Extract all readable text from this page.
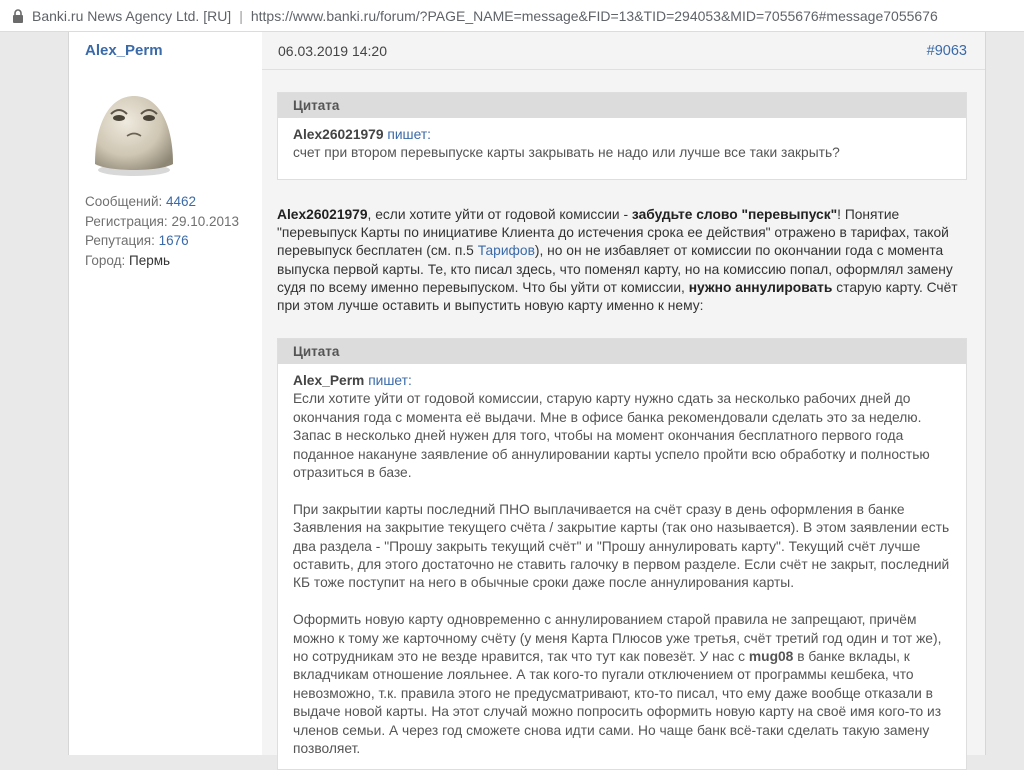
Banki.ru News Agency Ltd. [RU] | https://www.banki.ru/forum/?PAGE_NAME=message&FID=13&TID=294053&MID=7055676#message7055676
Alex_Perm
Сообщений: 4462
Регистрация: 29.10.2013
Репутация: 1676
Город: Пермь
06.03.2019 14:20	#9063
Цитата
Alex26021979 пишет:
счет при втором перевыпуске карты закрывать не надо или лучше все таки закрыть?
Alex26021979, если хотите уйти от годовой комиссии - забудьте слово "перевыпуск"! Понятие "перевыпуск Карты по инициативе Клиента до истечения срока ее действия" отражено в тарифах, такой перевыпуск бесплатен (см. п.5 Тарифов), но он не избавляет от комиссии по окончании года с момента выпуска первой карты. Те, кто писал здесь, что поменял карту, но на комиссию попал, оформлял замену судя по всему именно перевыпуском. Что бы уйти от комиссии, нужно аннулировать старую карту. Счёт при этом лучше оставить и выпустить новую карту именно к нему:
Цитата
Alex_Perm пишет:

Если хотите уйти от годовой комиссии, старую карту нужно сдать за несколько рабочих дней до окончания года с момента её выдачи. Мне в офисе банка рекомендовали сделать это за неделю. Запас в несколько дней нужен для того, чтобы на момент окончания бесплатного первого года поданное накануне заявление об аннулировании карты успело пройти всю обработку и полностью отразиться в базе.

При закрытии карты последний ПНО выплачивается на счёт сразу в день оформления в банке Заявления на закрытие текущего счёта / закрытие карты (так оно называется). В этом заявлении есть два раздела - "Прошу закрыть текущий счёт" и "Прошу аннулировать карту". Текущий счёт лучше оставить, для этого достаточно не ставить галочку в первом разделе. Если счёт не закрыт, последний КБ тоже поступит на него в обычные сроки даже после аннулирования карты.

Оформить новую карту одновременно с аннулированием старой правила не запрещают, причём можно к тому же карточному счёту (у меня Карта Плюсов уже третья, счёт третий год один и тот же), но сотрудникам это не везде нравится, так что тут как повезёт. У нас с mug08 в банке вклады, к вкладчикам отношение лояльнее. А так кого-то пугали отключением от программы кешбека, что невозможно, т.к. правила этого не предусматривают, кто-то писал, что ему даже вообще отказали в выдаче новой карты. На этот случай можно попросить оформить новую карту на своё имя кого-то из членов семьи. А через год сможете снова идти сами. Но чаще банк всё-таки сделать такую замену позволяет.
